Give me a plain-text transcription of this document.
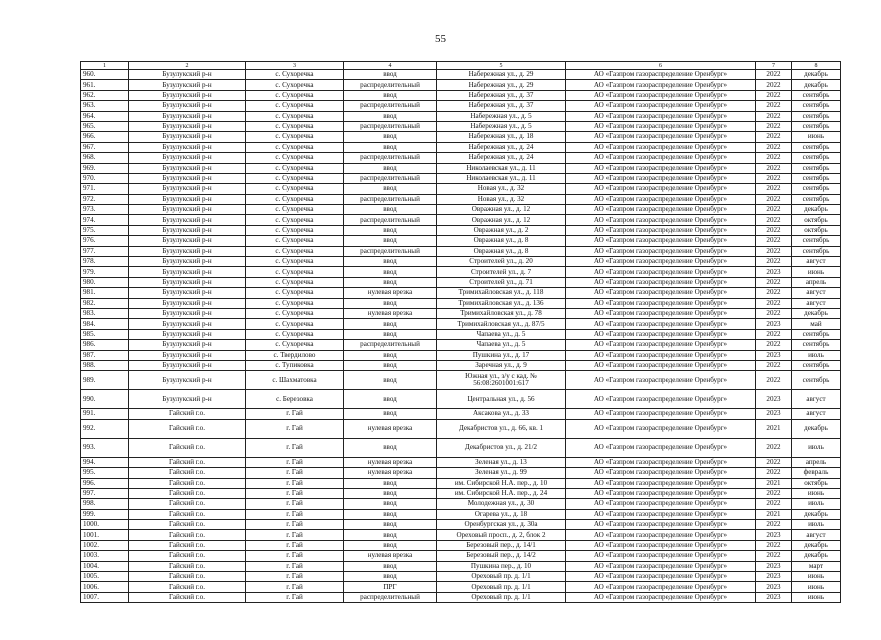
55
1	2	3	4	5	6	7	8
960.	Бузулукский р-н	с. Сухоречка	ввод	Набережная ул., д. 29	АО «Газпром газораспределение Оренбург»	2022	декабрь
961.	Бузулукский р-н	с. Сухоречка	распределительный	Набережная ул., д. 29	АО «Газпром газораспределение Оренбург»	2022	декабрь
962.	Бузулукский р-н	с. Сухоречка	ввод	Набережная ул., д. 37	АО «Газпром газораспределение Оренбург»	2022	сентябрь
963.	Бузулукский р-н	с. Сухоречка	распределительный	Набережная ул., д. 37	АО «Газпром газораспределение Оренбург»	2022	сентябрь
964.	Бузулукский р-н	с. Сухоречка	ввод	Набережная ул., д. 5	АО «Газпром газораспределение Оренбург»	2022	сентябрь
965.	Бузулукский р-н	с. Сухоречка	распределительный	Набережная ул., д. 5	АО «Газпром газораспределение Оренбург»	2022	сентябрь
966.	Бузулукский р-н	с. Сухоречка	ввод	Набережная ул., д. 18	АО «Газпром газораспределение Оренбург»	2022	июнь
967.	Бузулукский р-н	с. Сухоречка	ввод	Набережная ул., д. 24	АО «Газпром газораспределение Оренбург»	2022	сентябрь
968.	Бузулукский р-н	с. Сухоречка	распределительный	Набережная ул., д. 24	АО «Газпром газораспределение Оренбург»	2022	сентябрь
969.	Бузулукский р-н	с. Сухоречка	ввод	Николаевская ул., д. 11	АО «Газпром газораспределение Оренбург»	2022	сентябрь
970.	Бузулукский р-н	с. Сухоречка	распределительный	Николаевская ул., д. 11	АО «Газпром газораспределение Оренбург»	2022	сентябрь
971.	Бузулукский р-н	с. Сухоречка	ввод	Новая ул., д. 32	АО «Газпром газораспределение Оренбург»	2022	сентябрь
972.	Бузулукский р-н	с. Сухоречка	распределительный	Новая ул., д. 32	АО «Газпром газораспределение Оренбург»	2022	сентябрь
973.	Бузулукский р-н	с. Сухоречка	ввод	Овражная ул., д. 12	АО «Газпром газораспределение Оренбург»	2022	декабрь
974.	Бузулукский р-н	с. Сухоречка	распределительный	Овражная ул., д. 12	АО «Газпром газораспределение Оренбург»	2022	октябрь
975.	Бузулукский р-н	с. Сухоречка	ввод	Овражная ул., д. 2	АО «Газпром газораспределение Оренбург»	2022	октябрь
976.	Бузулукский р-н	с. Сухоречка	ввод	Овражная ул., д. 8	АО «Газпром газораспределение Оренбург»	2022	сентябрь
977.	Бузулукский р-н	с. Сухоречка	распределительный	Овражная ул., д. 8	АО «Газпром газораспределение Оренбург»	2022	сентябрь
978.	Бузулукский р-н	с. Сухоречка	ввод	Строителей ул., д. 20	АО «Газпром газораспределение Оренбург»	2022	август
979.	Бузулукский р-н	с. Сухоречка	ввод	Строителей ул., д. 7	АО «Газпром газораспределение Оренбург»	2023	июнь
980.	Бузулукский р-н	с. Сухоречка	ввод	Строителей ул., д. 71	АО «Газпром газораспределение Оренбург»	2022	апрель
981.	Бузулукский р-н	с. Сухоречка	нулевая врезка	Тримихайловская ул., д. 118	АО «Газпром газораспределение Оренбург»	2022	август
982.	Бузулукский р-н	с. Сухоречка	ввод	Тримихайловская ул., д. 136	АО «Газпром газораспределение Оренбург»	2022	август
983.	Бузулукский р-н	с. Сухоречка	нулевая врезка	Тримихайловская ул., д. 78	АО «Газпром газораспределение Оренбург»	2022	декабрь
984.	Бузулукский р-н	с. Сухоречка	ввод	Тримихайловская ул., д. 87/5	АО «Газпром газораспределение Оренбург»	2023	май
985.	Бузулукский р-н	с. Сухоречка	ввод	Чапаева ул., д. 5	АО «Газпром газораспределение Оренбург»	2022	сентябрь
986.	Бузулукский р-н	с. Сухоречка	распределительный	Чапаева ул., д. 5	АО «Газпром газораспределение Оренбург»	2022	сентябрь
987.	Бузулукский р-н	с. Твердилово	ввод	Пушкина ул., д. 17	АО «Газпром газораспределение Оренбург»	2023	июль
988.	Бузулукский р-н	с. Тупиковка	ввод	Заречная ул., д. 9	АО «Газпром газораспределение Оренбург»	2022	сентябрь
989.	Бузулукский р-н	с. Шахматовка	ввод	Южная ул., з/у с кад. № 56:08:2601001:617	АО «Газпром газораспределение Оренбург»	2022	сентябрь
990.	Бузулукский р-н	с. Березовка	ввод	Центральная ул., д. 56	АО «Газпром газораспределение Оренбург»	2023	август
991.	Гайский г.о.	г. Гай	ввод	Аксакова ул., д. 33	АО «Газпром газораспределение Оренбург»	2023	август
992.	Гайский г.о.	г. Гай	нулевая врезка	Декабристов ул., д. 66, кв. 1	АО «Газпром газораспределение Оренбург»	2021	декабрь
993.	Гайский г.о.	г. Гай	ввод	Декабристов ул., д. 21/2	АО «Газпром газораспределение Оренбург»	2022	июль
994.	Гайский г.о.	г. Гай	нулевая врезка	Зеленая ул., д. 13	АО «Газпром газораспределение Оренбург»	2022	апрель
995.	Гайский г.о.	г. Гай	нулевая врезка	Зеленая ул., д. 99	АО «Газпром газораспределение Оренбург»	2022	февраль
996.	Гайский г.о.	г. Гай	ввод	им. Сибирской Н.А. пер., д. 10	АО «Газпром газораспределение Оренбург»	2021	октябрь
997.	Гайский г.о.	г. Гай	ввод	им. Сибирской Н.А. пер., д. 24	АО «Газпром газораспределение Оренбург»	2022	июнь
998.	Гайский г.о.	г. Гай	ввод	Молодежная ул., д. 30	АО «Газпром газораспределение Оренбург»	2022	июль
999.	Гайский г.о.	г. Гай	ввод	Огарева ул., д. 18	АО «Газпром газораспределение Оренбург»	2021	декабрь
1000.	Гайский г.о.	г. Гай	ввод	Оренбургская ул., д. 30а	АО «Газпром газораспределение Оренбург»	2022	июль
1001.	Гайский г.о.	г. Гай	ввод	Ореховый просп., д. 2, блок 2	АО «Газпром газораспределение Оренбург»	2023	август
1002.	Гайский г.о.	г. Гай	ввод	Березовый пер., д. 14/1	АО «Газпром газораспределение Оренбург»	2022	декабрь
1003.	Гайский г.о.	г. Гай	нулевая врезка	Березовый пер., д. 14/2	АО «Газпром газораспределение Оренбург»	2022	декабрь
1004.	Гайский г.о.	г. Гай	ввод	Пушкина пер., д. 10	АО «Газпром газораспределение Оренбург»	2023	март
1005.	Гайский г.о.	г. Гай	ввод	Ореховый пр. д. 1/1	АО «Газпром газораспределение Оренбург»	2023	июнь
1006.	Гайский г.о.	г. Гай	ПРГ	Ореховый пр. д. 1/1	АО «Газпром газораспределение Оренбург»	2023	июнь
1007.	Гайский г.о.	г. Гай	распределительный	Ореховый пр. д. 1/1	АО «Газпром газораспределение Оренбург»	2023	июнь
